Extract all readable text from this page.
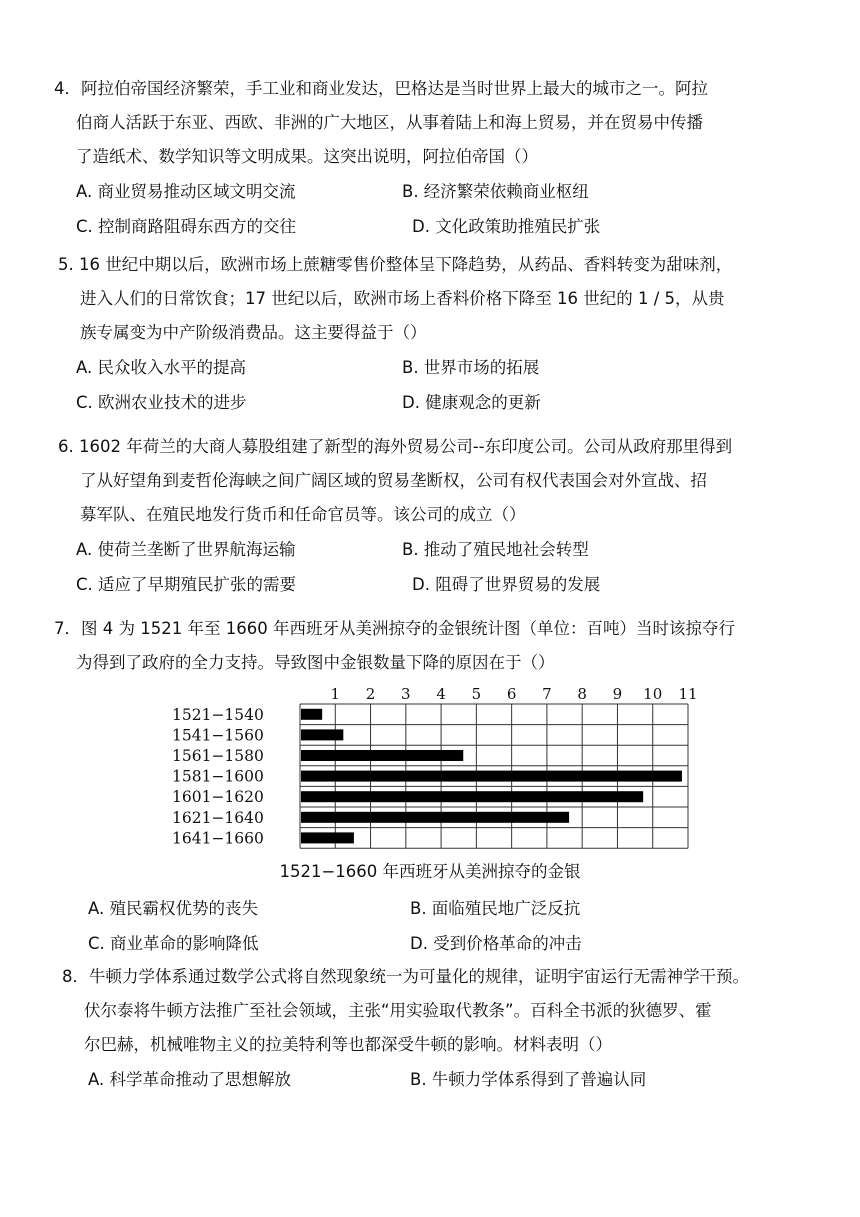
4．阿拉伯帝国经济繁荣，手工业和商业发达，巴格达是当时世界上最大的城市之一。阿拉
伯商人活跃于东亚、西欧、非洲的广大地区，从事着陆上和海上贸易，并在贸易中传播
了造纸术、数学知识等文明成果。这突出说明，阿拉伯帝国（）

A. 商业贸易推动区域文明交流	B. 经济繁荣依赖商业枢纽
C. 控制商路阻碍东西方的交往	D. 文化政策助推殖民扩张

5. 16 世纪中期以后，欧洲市场上蔗糖零售价整体呈下降趋势，从药品、香料转变为甜味剂，
进入人们的日常饮食；17 世纪以后，欧洲市场上香料价格下降至 16 世纪的 1 / 5，从贵
族专属变为中产阶级消费品。这主要得益于（）

A. 民众收入水平的提高	B. 世界市场的拓展
C. 欧洲农业技术的进步	D. 健康观念的更新

6. 1602 年荷兰的大商人募股组建了新型的海外贸易公司--东印度公司。公司从政府那里得到
了从好望角到麦哲伦海峡之间广阔区域的贸易垄断权，公司有权代表国会对外宣战、招
募军队、在殖民地发行货币和任命官员等。该公司的成立（）

A. 使荷兰垄断了世界航海运输	B. 推动了殖民地社会转型
C. 适应了早期殖民扩张的需要	D. 阻碍了世界贸易的发展

7．图 4 为 1521 年至 1660 年西班牙从美洲掠夺的金银统计图（单位：百吨）当时该掠夺行
为得到了政府的全力支持。导致图中金银数量下降的原因在于（）

1 2 3 4 5 6 7 8 9 10 11
1521−1540
1541−1560
1561−1580
1581−1600
1601−1620
1621−1640
1641−1660
1521−1660 年西班牙从美洲掠夺的金银
A. 殖民霸权优势的丧失	B. 面临殖民地广泛反抗
C. 商业革命的影响降低	D. 受到价格革命的冲击

8．牛顿力学体系通过数学公式将自然现象统一为可量化的规律，证明宇宙运行无需神学干预。
伏尔泰将牛顿方法推广至社会领域，主张“用实验取代教条”。百科全书派的狄德罗、霍
尔巴赫，机械唯物主义的拉美特利等也都深受牛顿的影响。材料表明（）

A. 科学革命推动了思想解放	B. 牛顿力学体系得到了普遍认同
